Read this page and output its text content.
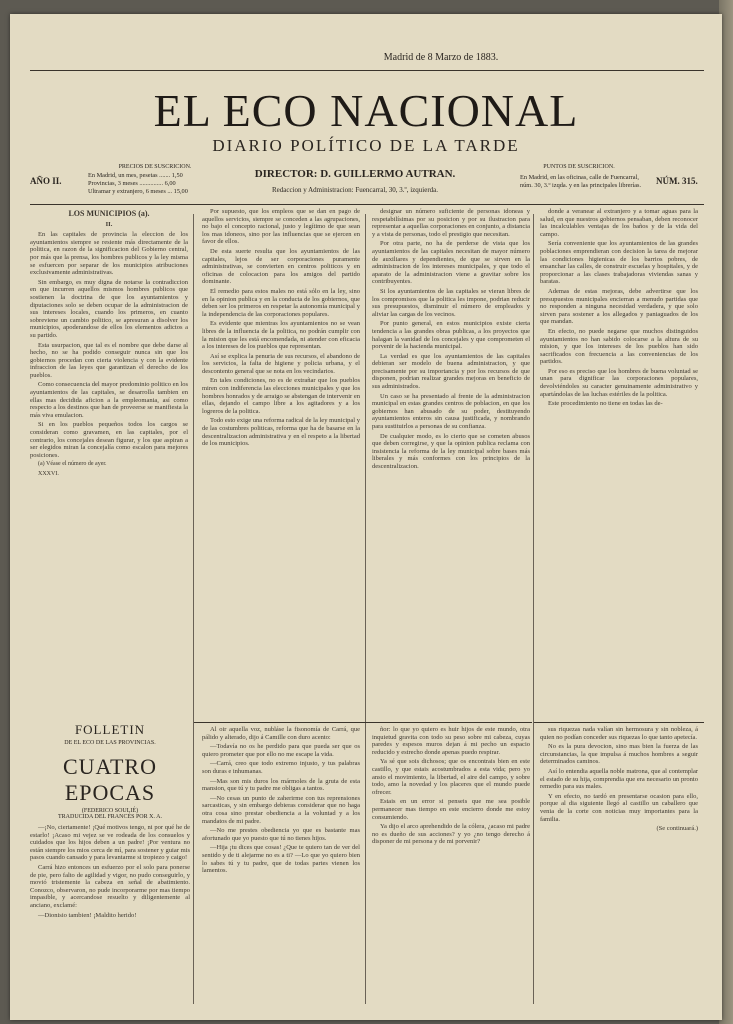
Madrid de 8 Marzo de 1883.
EL ECO NACIONAL
DIARIO POLÍTICO DE LA TARDE
AÑO II.
PRECIOS DE SUSCRICION.
En Madrid, un mes, pesetas ....... 1,50
Provincias, 3 meses ............... 6,00
Ultramar y extranjero, 6 meses ... 15,00
DIRECTOR: D. GUILLERMO AUTRAN.
Redaccion y Administracion: Fuencarral, 30, 3.º, izquierda.
PUNTOS DE SUSCRICION.
En Madrid, en las oficinas, calle de Fuencarral, núm. 30, 3.º izqda. y en las principales librerías.	NÚM. 315.
LOS MUNICIPIOS (a).
II.

En las capitales de provincia la eleccion de los ayuntamientos siempre se resiente más directamente de la politica, en razon de la significacion del Gobierno central, por más que la prensa, los hombres publicos y la ley misma se esfuercen por separar de los municipios atribuciones exclusivamente administrativas.

Sin embargo, es muy digna de notarse la contradiccion en que incurren aquellos mismos hombres publicos que sostienen la doctrina de que los ayuntamientos y diputaciones solo se deben ocupar de la administracion de sus intereses locales, cuando los primeros, en cuanto sobreviene un cambio politico, se apresuran a disolver los municipios, apoderandose de ellos los elementos adictos a su partido.

Esta usurpacion, que tal es el nombre que debe darse al hecho, no se ha podido conseguir nunca sin que los gobiernos procedan con cierta violencia y con la evidente infraccion de las leyes que garantizan el derecho de los pueblos.

Como consecuencia del mayor predominio politico en los ayuntamientos de las capitales, se desarrolla tambien en ellas mas decidida aficion a la empleomania, así como respecto a los destinos que han de proveerse se manifiesta la más viva emulacion.

Si en los pueblos pequeños todos los cargos se consideran como gravamen, en las capitales, por el contrario, los concejales desean figurar, y los que aspiran a ser elegidos miran la concejalía como escalon para mejores posiciones.

(a) Véase el número de ayer.

XXXVI.

Por supuesto, que los empleos que se dan en pago de aquellos servicios, siempre se conceden a las agrupaciones, no bajo el concepto racional, justo y legítimo de que sean los mas idoneos, sino por las influencias que se ejercen en favor de ellos.

De esta suerte resulta que los ayuntamientos de las capitales, lejos de ser corporaciones puramente administrativas, se convierten en centros politicos y en oficinas de colocacion para los amigos del partido dominante.

El remedio para estos males no está sólo en la ley, sino en la opinion publica y en la conducta de los gobiernos, que deben ser los primeros en respetar la autonomía municipal y la independencia de las corporaciones populares.

Es evidente que mientras los ayuntamientos no se vean libres de la influencia de la politica, no podrán cumplir con la mision que les está encomendada, ni atender con eficacia a los intereses de los pueblos que representan.

Así se explica la penuria de sus recursos, el abandono de los servicios, la falta de higiene y policia urbana, y el descontento general que se nota en los vecindarios.

En tales condiciones, no es de extrañar que los pueblos miren con indiferencia las elecciones municipales y que los hombres honrados y de arraigo se abstengan de intervenir en ellas, dejando el campo libre a los agitadores y a los logreros de la politica.

Todo esto exige una reforma radical de la ley municipal y de las costumbres politicas, reforma que ha de basarse en la descentralizacion administrativa y en el respeto a la libertad de los municipios.

designar un número suficiente de personas idoneas y respetabilísimas por su posicion y por su ilustracion para representar a aquellas corporaciones en conjunto, a distancia y a vista de personas, todo el prestigio que necesitan.

Por otra parte, no ha de perderse de vista que los ayuntamientos de las capitales necesitan de mayor número de auxiliares y dependientes, de que se sirven en la administracion de los intereses municipales, y que todo el aparato de la administracion viene a gravitar sobre los contribuyentes.

Si los ayuntamientos de las capitales se vieran libres de los compromisos que la politica les impone, podrian reducir sus presupuestos, disminuir el número de empleados y aliviar las cargas de los vecinos.

Por punto general, en estos municipios existe cierta tendencia a las grandes obras publicas, a los proyectos que halagan la vanidad de los concejales y que comprometen el porvenir de la hacienda municipal.

La verdad es que los ayuntamientos de las capitales debieran ser modelo de buena administracion, y que precisamente por su importancia y por los recursos de que disponen, podrian realizar grandes mejoras en beneficio de sus administrados.

Un caso se ha presentado al frente de la administracion municipal en estas grandes centros de poblacion, en que los gobiernos han abusado de su poder, destituyendo ayuntamientos enteros sin causa justificada, y nombrando para sustituirlos a personas de su confianza.

De cualquier modo, es lo cierto que se cometen abusos que deben corregirse, y que la opinion publica reclama con insistencia la reforma de la ley municipal sobre bases más liberales y más conformes con los principios de la descentralizacion.

donde a veranear al extranjero y a tomar aguas para la salud, en que nuestros gobiernos pensaban, deben reconocer las incalculables ventajas de los baños y de la vida del campo.

Sería conveniente que los ayuntamientos de las grandes poblaciones emprendieran con decision la tarea de mejorar las condiciones higienicas de los barrios pobres, de ensanchar las calles, de construir escuelas y hospitales, y de proporcionar a las clases trabajadoras viviendas sanas y baratas.

Ademas de estas mejoras, debe advertirse que los presupuestos municipales encierran a menudo partidas que no responden a ninguna necesidad verdadera, y que solo sirven para sostener a los allegados y paniaguados de los que mandan.

En efecto, no puede negarse que muchos distinguidos ayuntamientos no han sabido colocarse a la altura de su mision, y que los intereses de los pueblos han sido sacrificados con frecuencia a las conveniencias de los partidos.

Por eso es preciso que los hombres de buena voluntad se unan para dignificar las corporaciones populares, devolviéndoles su caracter genuinamente administrativo y apartándolas de las luchas estériles de la politica.

Este procedimiento no tiene en todas las de-

FOLLETIN
DE EL ECO DE LAS PROVINCIAS.
CUATRO EPOCAS
(FEDERICO SOULIÉ)
TRADUCIDA DEL FRANCÉS POR X. A.

—¡No, ciertamente! ¡Qué motivos tengo, ni por qué he de estarlo! ¡Acaso mi vejez se ve rodeada de los consuelos y cuidados que los hijos deben a un padre! ¡Por ventura no están siempre los mios cerca de mí, para sostener y guiar mis pasos cuando cansado y para levantarme si tropiezo y caigo!

Carrá hizo entonces un esfuerzo por el solo para ponerse de pie, pero falto de agilidad y vigor, no pudo conseguirlo, y movió tristemente la cabeza en señal de abatimiento. Conozco, observaron, no pude incorporarme por mas tiempo impasible, y acercandose resuelto y diligentemente al anciano, exclamé:

—Dionisio tambien! ¡Maldito herido!

Al oir aquella voz, nubláse la fisonomía de Carrá, que pálido y alterado, dijo á Camille con duro acento:

—Todavía no os he perdido para que pueda ser que os quiero prometer que por ello no me escape la vida.

—Carrá, creo que todo extremo injusto, y tus palabras son duras e inhumanas.

—Mas son mis duros los mármoles de la gruta de esta mansion, que tú y tu padre me obligas a tantos.

—No cesas un punto de zaherirme con tus reprensiones sarcasticas, y sin embargo debieras considerar que no haga otra cosa sino prestar obediencia a la voluntad y a los mandatos de mi padre.

—No me prestes obediencia yo que es bastante mas afortunado que yo puesto que tú no tienes hijos.

—Hija ¡tu dices que cosas! ¿Que te quiero tan de ver del sentido y de ti alejarme no es a ti? —Lo que yo quiero bien lo sabes tú y tu padre, que de todas partes vienen los lamentos.

ñor: lo que yo quiero es huir hijos de este mundo, otra inquietud gravita con todo su peso sobre mi cabeza, cuyas paredes y espesos muros dejan á mi pecho un espacio reducido y estrecho donde apenas puedo respirar.

Ya sé que sois dichosos; que os encontrais bien en este castillo, y que estais acostumbrados a esta vida; pero yo ansio el movimiento, la libertad, el aire del campo, y sobre todo, amo la novedad y los placeres que el mundo puede ofrecer.

Estais en un error si penseis que me sea posible permanecer mas tiempo en este encierro donde me estoy consumiendo.

Ya dijo el arco aprehendido de la cólera, ¿acaso mi padre no es dueño de sus acciones? y yo ¿no tengo derecho á disponer de mi persona y de mi porvenir?

sus riquezas nada valían sin hermosura y sin nobleza, á quien no podían conceder sus riquezas lo que tanto apetecía.

No es la pura devocion, sino mas bien la fuerza de las circunstancias, la que impulsa á muchos hombres a seguir determinados caminos.

Así lo entendia aquella noble matrona, que al contemplar el estado de su hija, comprendia que era necesario un pronto remedio para sus males.

Y en efecto, no tardó en presentarse ocasion para ello, porque al dia siguiente llegó al castillo un caballero que venia de la corte con noticias muy importantes para la familia.

(Se continuará.)
